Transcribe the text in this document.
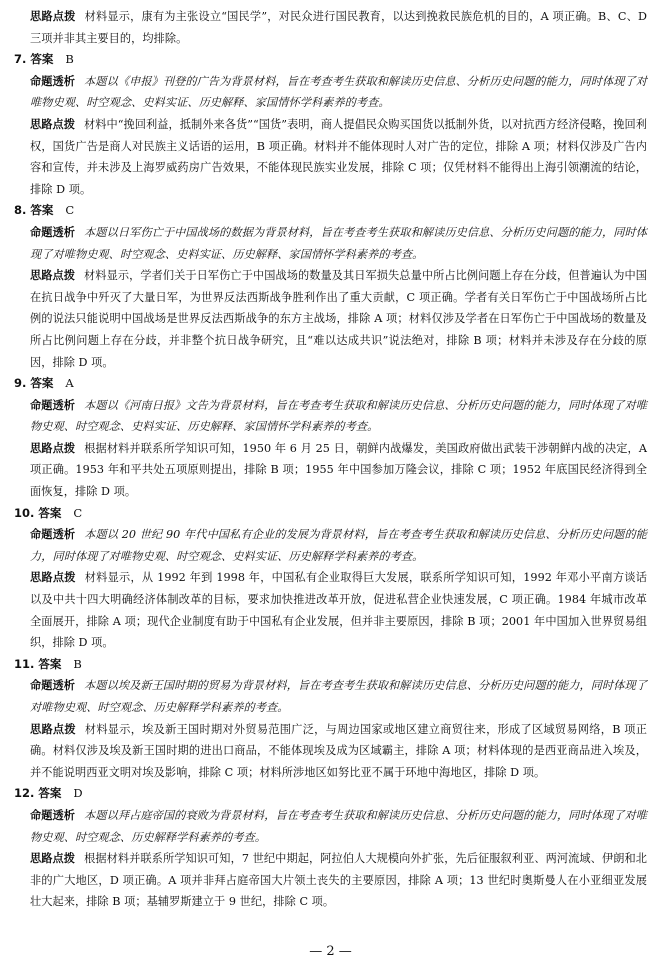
思路点拨 材料显示，康有为主张设立“国民学”，对民众进行国民教育，以达到挽救民族危机的目的，A 项正确。B、C、D 三项并非其主要目的，均排除。

7. 答案 B

命题透析 本题以《申报》刊登的广告为背景材料，旨在考查考生获取和解读历史信息、分析历史问题的能力，同时体现了对唯物史观、时空观念、史料实证、历史解释、家国情怀学科素养的考查。

思路点拨 材料中“挽回利益，抵制外来各货”“国货”表明，商人提倡民众购买国货以抵制外货，以对抗西方经济侵略，挽回利权，国货广告是商人对民族主义话语的运用，B 项正确。材料并不能体现时人对广告的定位，排除 A 项；材料仅涉及广告内容和宣传，并未涉及上海罗威药房广告效果，不能体现民族实业发展，排除 C 项；仅凭材料不能得出上海引领潮流的结论，排除 D 项。

8. 答案 C

命题透析 本题以日军伤亡于中国战场的数据为背景材料，旨在考查考生获取和解读历史信息、分析历史问题的能力，同时体现了对唯物史观、时空观念、史料实证、历史解释、家国情怀学科素养的考查。

思路点拨 材料显示，学者们关于日军伤亡于中国战场的数量及其日军损失总量中所占比例问题上存在分歧，但普遍认为中国在抗日战争中歼灭了大量日军，为世界反法西斯战争胜利作出了重大贡献，C 项正确。学者有关日军伤亡于中国战场所占比例的说法只能说明中国战场是世界反法西斯战争的东方主战场，排除 A 项；材料仅涉及学者在日军伤亡于中国战场的数量及所占比例问题上存在分歧，并非整个抗日战争研究，且“难以达成共识”说法绝对，排除 B 项；材料并未涉及存在分歧的原因，排除 D 项。

9. 答案 A

命题透析 本题以《河南日报》文告为背景材料，旨在考查考生获取和解读历史信息、分析历史问题的能力，同时体现了对唯物史观、时空观念、史料实证、历史解释、家国情怀学科素养的考查。

思路点拨 根据材料并联系所学知识可知，1950 年 6 月 25 日，朝鲜内战爆发，美国政府做出武装干涉朝鲜内战的决定，A 项正确。1953 年和平共处五项原则提出，排除 B 项；1955 年中国参加万隆会议，排除 C 项；1952 年底国民经济得到全面恢复，排除 D 项。

10. 答案 C

命题透析 本题以 20 世纪 90 年代中国私有企业的发展为背景材料，旨在考查考生获取和解读历史信息、分析历史问题的能力，同时体现了对唯物史观、时空观念、史料实证、历史解释学科素养的考查。

思路点拨 材料显示，从 1992 年到 1998 年，中国私有企业取得巨大发展，联系所学知识可知，1992 年邓小平南方谈话以及中共十四大明确经济体制改革的目标，要求加快推进改革开放，促进私营企业快速发展，C 项正确。1984 年城市改革全面展开，排除 A 项；现代企业制度有助于中国私有企业发展，但并非主要原因，排除 B 项；2001 年中国加入世界贸易组织，排除 D 项。

11. 答案 B

命题透析 本题以埃及新王国时期的贸易为背景材料，旨在考查考生获取和解读历史信息、分析历史问题的能力，同时体现了对唯物史观、时空观念、历史解释学科素养的考查。

思路点拨 材料显示，埃及新王国时期对外贸易范围广泛，与周边国家或地区建立商贸往来，形成了区域贸易网络，B 项正确。材料仅涉及埃及新王国时期的进出口商品，不能体现埃及成为区域霸主，排除 A 项；材料体现的是西亚商品进入埃及，并不能说明西亚文明对埃及影响，排除 C 项；材料所涉地区如努比亚不属于环地中海地区，排除 D 项。

12. 答案 D

命题透析 本题以拜占庭帝国的衰败为背景材料，旨在考查考生获取和解读历史信息、分析历史问题的能力，同时体现了对唯物史观、时空观念、历史解释学科素养的考查。

思路点拨 根据材料并联系所学知识可知，7 世纪中期起，阿拉伯人大规模向外扩张，先后征服叙利亚、两河流域、伊朗和北非的广大地区，D 项正确。A 项并非拜占庭帝国大片领土丧失的主要原因，排除 A 项；13 世纪时奥斯曼人在小亚细亚发展壮大起来，排除 B 项；基辅罗斯建立于 9 世纪，排除 C 项。

— 2 —
